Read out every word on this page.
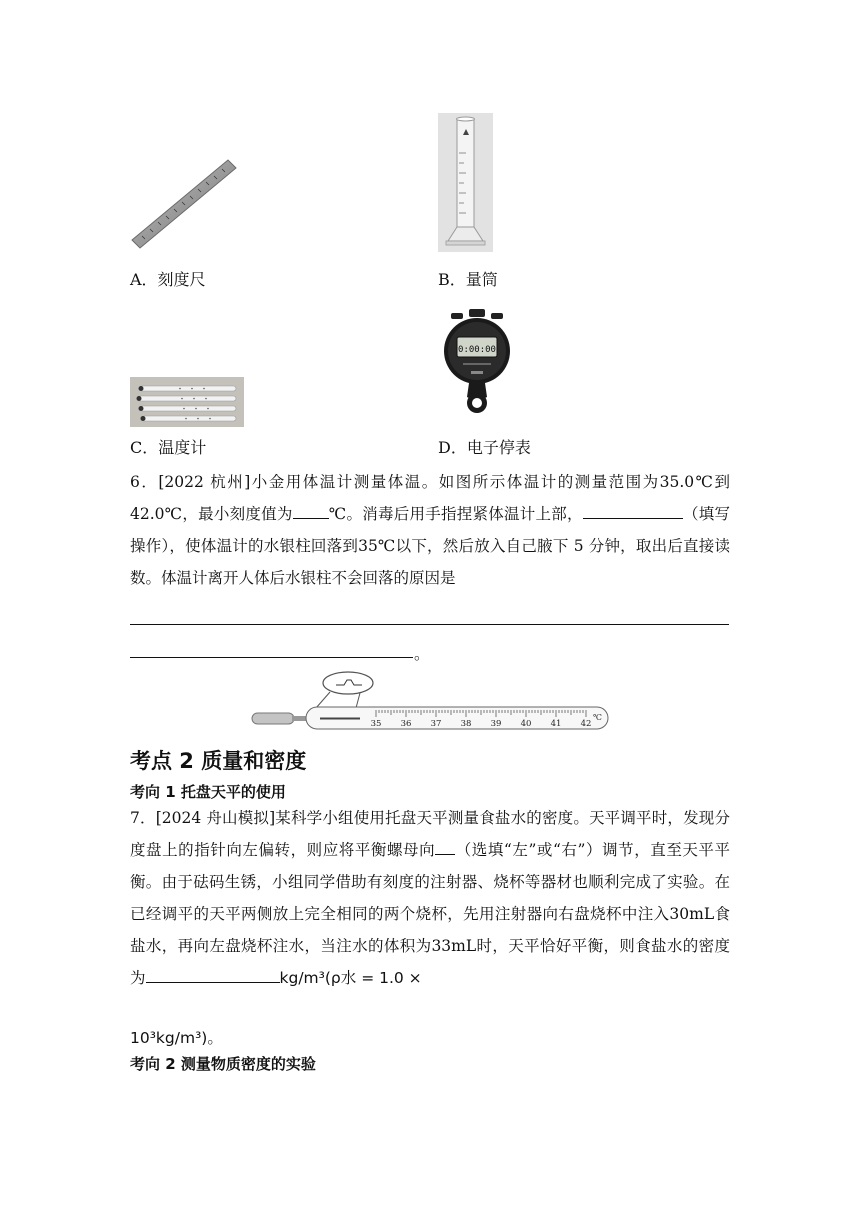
A．刻度尺	B．量筒
0:00:00
C．温度计	D．电子停表
6．[2022 杭州]小金用体温计测量体温。如图所示体温计的测量范围为35.0℃到42.0℃，最小刻度值为 ℃。消毒后用手指捏紧体温计上部，	（填写操作），使体温计的水银柱回落到35℃以下，然后放入自己腋下 5 分钟，取出后直接读数。体温计离开人体后水银柱不会回落的原因是
。
35 36 37 38 39 40 41 42
℃
考点 2 质量和密度
考向 1 托盘天平的使用
7．[2024 舟山模拟]某科学小组使用托盘天平测量食盐水的密度。天平调平时，发现分度盘上的指针向左偏转，则应将平衡螺母向 （选填“左”或“右”）调节，直至天平平衡。由于砝码生锈，小组同学借助有刻度的注射器、烧杯等器材也顺利完成了实验。在已经调平的天平两侧放上完全相同的两个烧杯，先用注射器向右盘烧杯中注入30mL食盐水，再向左盘烧杯注水，当注水的体积为33mL时，天平恰好平衡，则食盐水的密度为	kg/m³(ρ水 = 1.0 ×
10³kg/m³)。
考向 2 测量物质密度的实验
